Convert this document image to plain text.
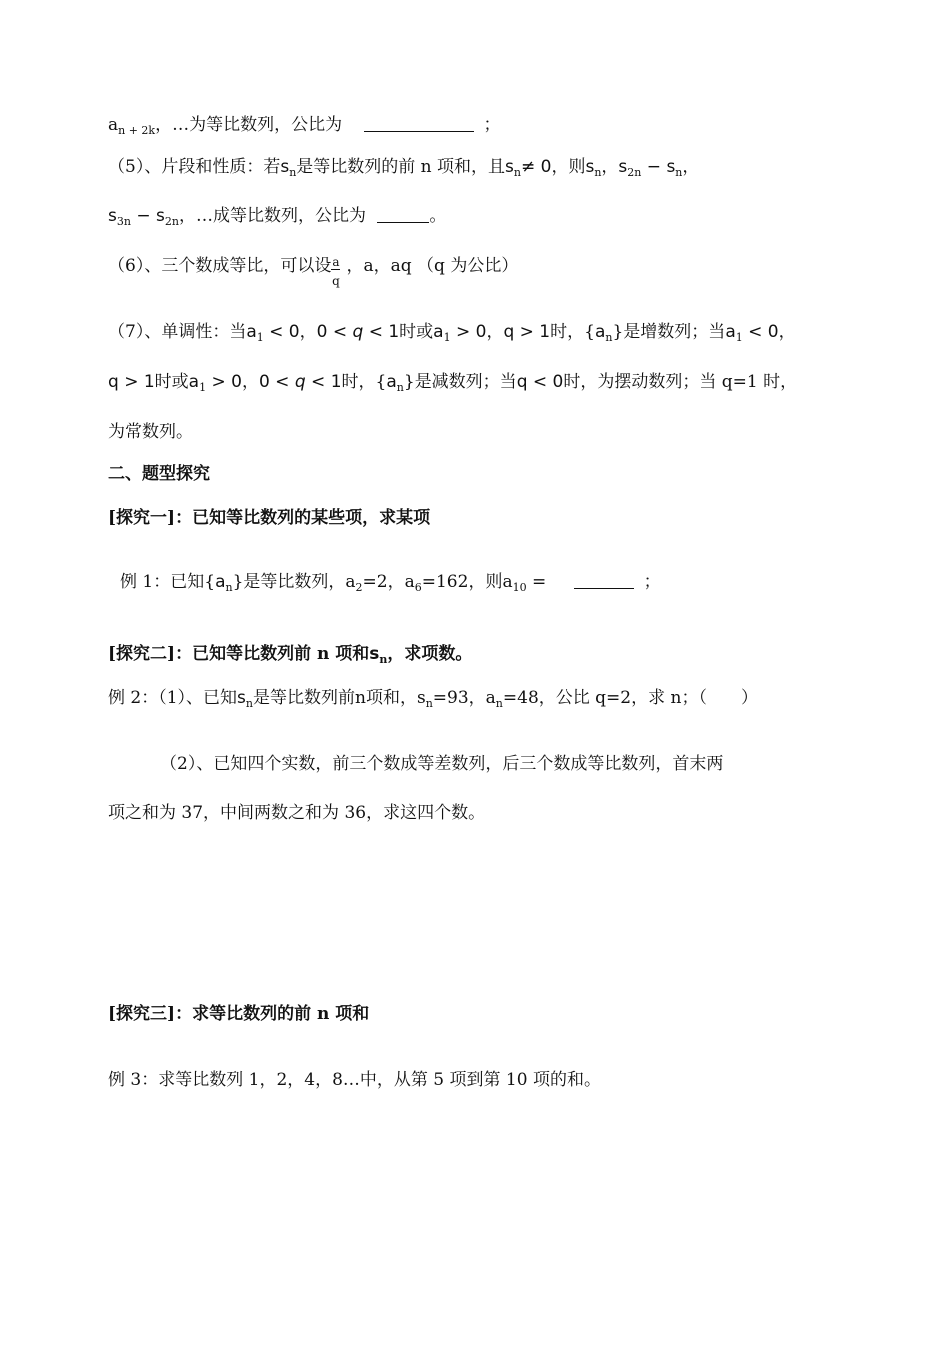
$a_{n + 2k}$，…为等比数列，公比为	；
（5）、片段和性质：若$s_n$是等比数列的前 n 项和，且$s_n\ne 0$，则$s_n$，$s_{2n} - s_n$，
$s_{3n} - s_{2n}$，…成等比数列，公比为	。
（6）、三个数成等比，可以设 $\frac{a}{q}$ ，a，aq （q 为公比）
（7）、单调性：当$a_1 < 0$，0 < q < 1时或$a_1 > 0$，q > 1时，$\{a_n\}$是增数列；当$a_1 < 0$，
q > 1时或$a_1 > 0$，0 < q < 1时，$\{a_n\}$是减数列；当q < 0时，为摆动数列；当 q=1 时，
为常数列。
二、题型探究
[探究一]：已知等比数列的某些项，求某项
例 1：已知$\{a_n\}$是等比数列，$a_2=2$，$a_6=162$，则$a_{10}$ =	；
[探究二]：已知等比数列前 n 项和$s_n$，求项数。
例 2：（1）、已知$s_n$是等比数列前n项和，$s_n=93$，$a_n=48$，公比 q=2，求 n；（　　）
（2）、已知四个实数，前三个数成等差数列，后三个数成等比数列，首末两
项之和为 37，中间两数之和为 36，求这四个数。
[探究三]：求等比数列的前 n 项和
例 3：求等比数列 1，2，4，8…中，从第 5 项到第 10 项的和。
